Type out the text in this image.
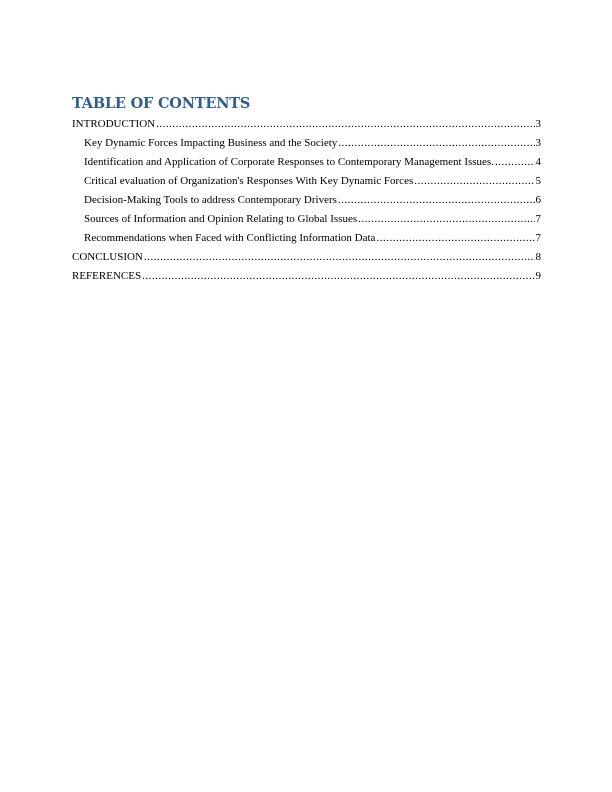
TABLE OF CONTENTS
INTRODUCTION .....	3
Key Dynamic Forces Impacting Business and the Society .....	3
Identification and Application of Corporate Responses to Contemporary Management Issues. .....	4
Critical evaluation of Organization's Responses With Key Dynamic Forces .....	5
Decision-Making Tools to address Contemporary Drivers .....	6
Sources of Information and Opinion Relating to Global Issues .....	7
Recommendations when Faced with Conflicting Information Data .....	7
CONCLUSION .....	8
REFERENCES .....	9
